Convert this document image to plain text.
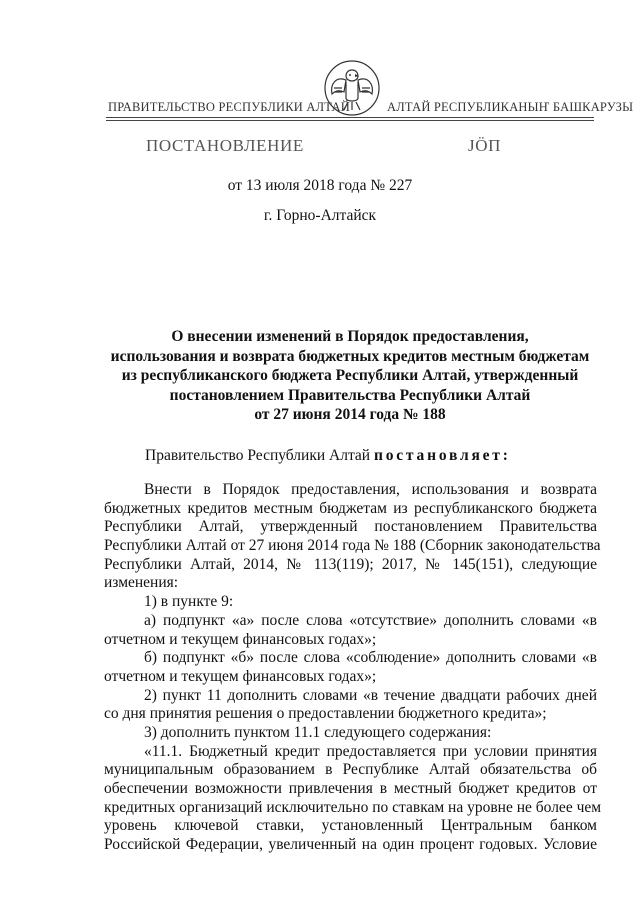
ПРАВИТЕЛЬСТВО РЕСПУБЛИКИ АЛТАЙ	АЛТАЙ РЕСПУБЛИКАНЫҤ БАШКАРУЗЫ
ПОСТАНОВЛЕНИЕ	ЈӦП
от 13 июля 2018 года № 227
г. Горно-Алтайск
О внесении изменений в Порядок предоставления,
использования и возврата бюджетных кредитов местным бюджетам
из республиканского бюджета Республики Алтай, утвержденный
постановлением Правительства Республики Алтай
от 27 июня 2014 года № 188
Правительство Республики Алтай постановляет:
Внести в Порядок предоставления, использования и возврата
бюджетных кредитов местным бюджетам из республиканского бюджета
Республики Алтай, утвержденный постановлением Правительства
Республики Алтай от 27 июня 2014 года № 188 (Сборник законодательства
Республики Алтай, 2014, № 113(119); 2017, № 145(151), следующие
изменения:
1) в пункте 9:
а) подпункт «а» после слова «отсутствие» дополнить словами «в
отчетном и текущем финансовых годах»;
б) подпункт «б» после слова «соблюдение» дополнить словами «в
отчетном и текущем финансовых годах»;
2) пункт 11 дополнить словами «в течение двадцати рабочих дней
со дня принятия решения о предоставлении бюджетного кредита»;
3) дополнить пунктом 11.1 следующего содержания:
«11.1. Бюджетный кредит предоставляется при условии принятия
муниципальным образованием в Республике Алтай обязательства об
обеспечении возможности привлечения в местный бюджет кредитов от
кредитных организаций исключительно по ставкам на уровне не более чем
уровень ключевой ставки, установленный Центральным банком
Российской Федерации, увеличенный на один процент годовых. Условие
